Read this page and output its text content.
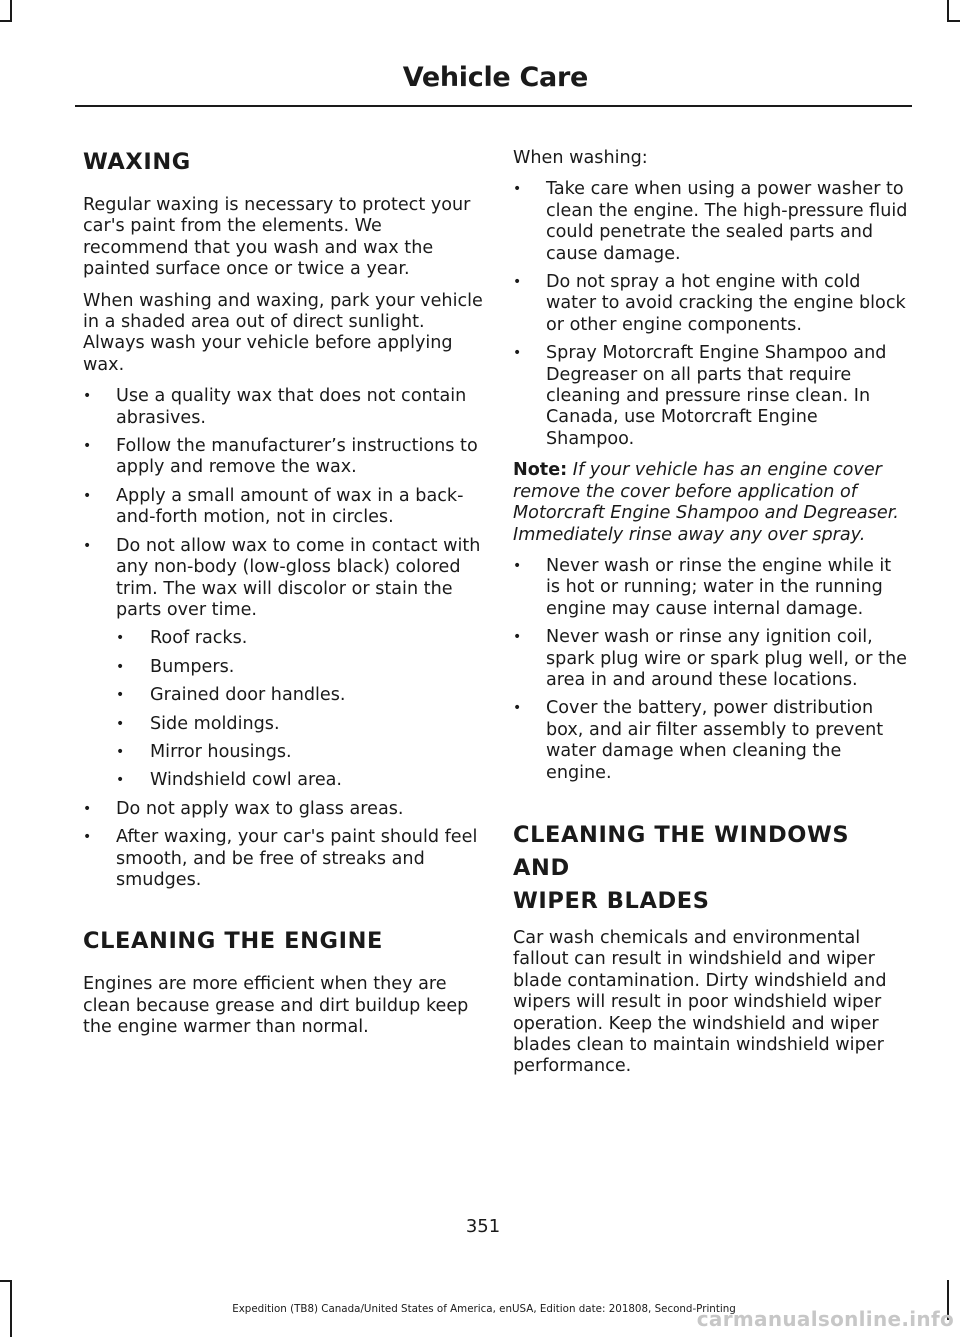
Vehicle Care
WAXING

Regular waxing is necessary to protect your car's paint from the elements. We recommend that you wash and wax the painted surface once or twice a year.

When washing and waxing, park your vehicle in a shaded area out of direct sunlight. Always wash your vehicle before applying wax.

• Use a quality wax that does not contain abrasives.
• Follow the manufacturer’s instructions to apply and remove the wax.
• Apply a small amount of wax in a back-and-forth motion, not in circles.
• Do not allow wax to come in contact with any non-body (low-gloss black) colored trim. The wax will discolor or stain the parts over time.
• Roof racks.
• Bumpers.
• Grained door handles.
• Side moldings.
• Mirror housings.
• Windshield cowl area.
• Do not apply wax to glass areas.
• After waxing, your car's paint should feel smooth, and be free of streaks and smudges.
CLEANING THE ENGINE

Engines are more efficient when they are clean because grease and dirt buildup keep the engine warmer than normal.

When washing:

• Take care when using a power washer to clean the engine. The high-pressure fluid could penetrate the sealed parts and cause damage.
• Do not spray a hot engine with cold water to avoid cracking the engine block or other engine components.
• Spray Motorcraft Engine Shampoo and Degreaser on all parts that require cleaning and pressure rinse clean. In Canada, use Motorcraft Engine Shampoo.

Note: If your vehicle has an engine cover remove the cover before application of Motorcraft Engine Shampoo and Degreaser. Immediately rinse away any over spray.

• Never wash or rinse the engine while it is hot or running; water in the running engine may cause internal damage.
• Never wash or rinse any ignition coil, spark plug wire or spark plug well, or the area in and around these locations.
• Cover the battery, power distribution box, and air filter assembly to prevent water damage when cleaning the engine.
CLEANING THE WINDOWS AND
WIPER BLADES

Car wash chemicals and environmental fallout can result in windshield and wiper blade contamination. Dirty windshield and wipers will result in poor windshield wiper operation. Keep the windshield and wiper blades clean to maintain windshield wiper performance.

351
Expedition (TB8) Canada/United States of America, enUSA, Edition date: 201808, Second-Printing
carmanualsonline.info
